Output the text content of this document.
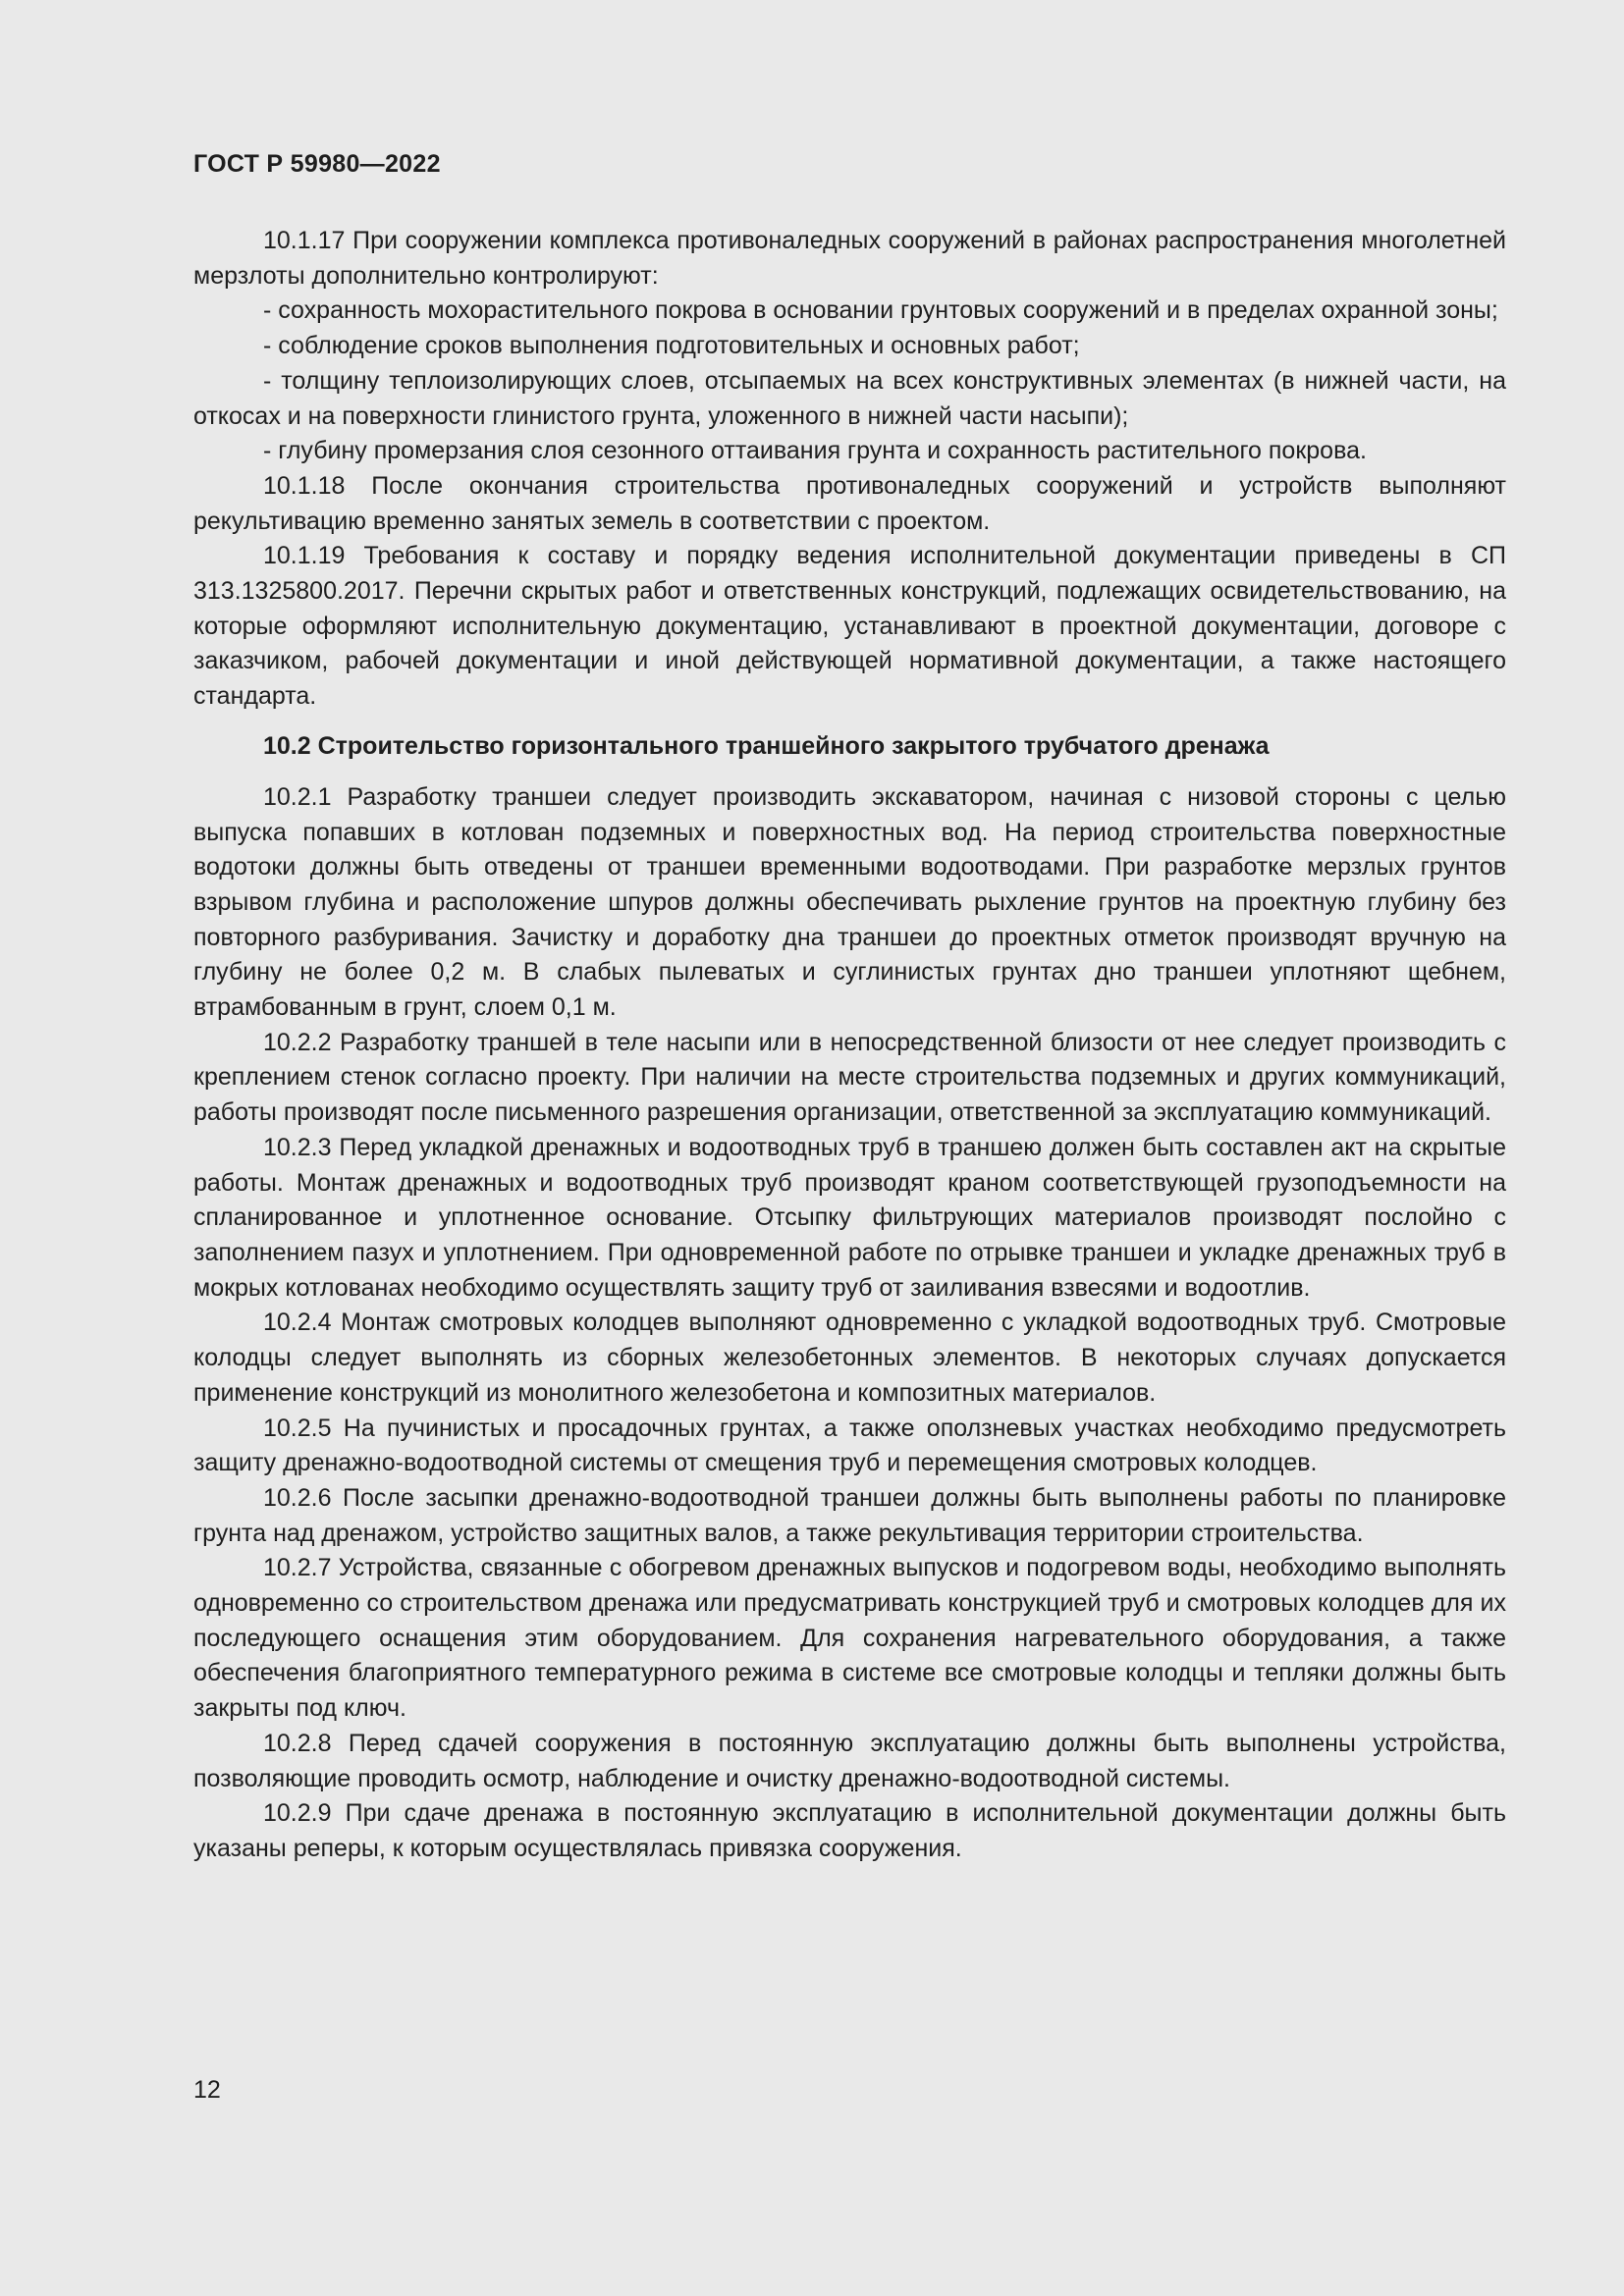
ГОСТ Р 59980—2022

10.1.17 При сооружении комплекса противоналедных сооружений в районах распространения многолетней мерзлоты дополнительно контролируют:

- сохранность мохорастительного покрова в основании грунтовых сооружений и в пределах охранной зоны;

- соблюдение сроков выполнения подготовительных и основных работ;

- толщину теплоизолирующих слоев, отсыпаемых на всех конструктивных элементах (в нижней части, на откосах и на поверхности глинистого грунта, уложенного в нижней части насыпи);

- глубину промерзания слоя сезонного оттаивания грунта и сохранность растительного покрова.

10.1.18 После окончания строительства противоналедных сооружений и устройств выполняют рекультивацию временно занятых земель в соответствии с проектом.

10.1.19 Требования к составу и порядку ведения исполнительной документации приведены в СП 313.1325800.2017. Перечни скрытых работ и ответственных конструкций, подлежащих освидетельствованию, на которые оформляют исполнительную документацию, устанавливают в проектной документации, договоре с заказчиком, рабочей документации и иной действующей нормативной документации, а также настоящего стандарта.

10.2 Строительство горизонтального траншейного закрытого трубчатого дренажа

10.2.1 Разработку траншеи следует производить экскаватором, начиная с низовой стороны с целью выпуска попавших в котлован подземных и поверхностных вод. На период строительства поверхностные водотоки должны быть отведены от траншеи временными водоотводами. При разработке мерзлых грунтов взрывом глубина и расположение шпуров должны обеспечивать рыхление грунтов на проектную глубину без повторного разбуривания. Зачистку и доработку дна траншеи до проектных отметок производят вручную на глубину не более 0,2 м. В слабых пылеватых и суглинистых грунтах дно траншеи уплотняют щебнем, втрамбованным в грунт, слоем 0,1 м.

10.2.2 Разработку траншей в теле насыпи или в непосредственной близости от нее следует производить с креплением стенок согласно проекту. При наличии на месте строительства подземных и других коммуникаций, работы производят после письменного разрешения организации, ответственной за эксплуатацию коммуникаций.

10.2.3 Перед укладкой дренажных и водоотводных труб в траншею должен быть составлен акт на скрытые работы. Монтаж дренажных и водоотводных труб производят краном соответствующей грузоподъемности на спланированное и уплотненное основание. Отсыпку фильтрующих материалов производят послойно с заполнением пазух и уплотнением. При одновременной работе по отрывке траншеи и укладке дренажных труб в мокрых котлованах необходимо осуществлять защиту труб от заиливания взвесями и водоотлив.

10.2.4 Монтаж смотровых колодцев выполняют одновременно с укладкой водоотводных труб. Смотровые колодцы следует выполнять из сборных железобетонных элементов. В некоторых случаях допускается применение конструкций из монолитного железобетона и композитных материалов.

10.2.5 На пучинистых и просадочных грунтах, а также оползневых участках необходимо предусмотреть защиту дренажно-водоотводной системы от смещения труб и перемещения смотровых колодцев.

10.2.6 После засыпки дренажно-водоотводной траншеи должны быть выполнены работы по планировке грунта над дренажом, устройство защитных валов, а также рекультивация территории строительства.

10.2.7 Устройства, связанные с обогревом дренажных выпусков и подогревом воды, необходимо выполнять одновременно со строительством дренажа или предусматривать конструкцией труб и смотровых колодцев для их последующего оснащения этим оборудованием. Для сохранения нагревательного оборудования, а также обеспечения благоприятного температурного режима в системе все смотровые колодцы и тепляки должны быть закрыты под ключ.

10.2.8 Перед сдачей сооружения в постоянную эксплуатацию должны быть выполнены устройства, позволяющие проводить осмотр, наблюдение и очистку дренажно-водоотводной системы.

10.2.9 При сдаче дренажа в постоянную эксплуатацию в исполнительной документации должны быть указаны реперы, к которым осуществлялась привязка сооружения.

12
